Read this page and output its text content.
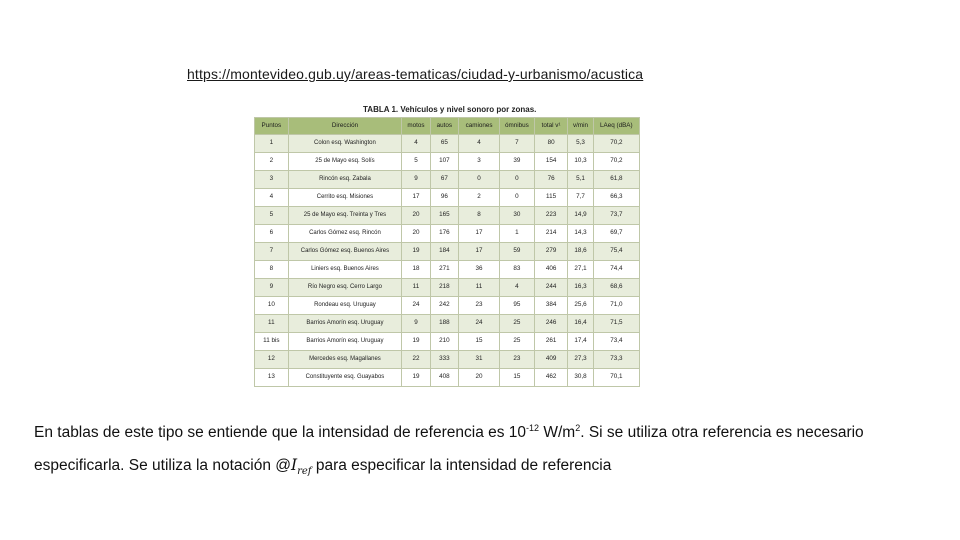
https://montevideo.gub.uy/areas-tematicas/ciudad-y-urbanismo/acustica
TABLA 1. Vehículos y nivel sonoro por zonas.
Puntos	Dirección	motos	autos	camiones	ómnibus	total v¹	v/min	LAeq (dBA)
1	Colon esq. Washington	4	65	4	7	80	5,3	70,2
2	25 de Mayo esq. Solís	5	107	3	39	154	10,3	70,2
3	Rincón esq. Zabala	9	67	0	0	76	5,1	61,8
4	Cerrito esq. Misiones	17	96	2	0	115	7,7	66,3
5	25 de Mayo esq. Treinta y Tres	20	165	8	30	223	14,9	73,7
6	Carlos Gómez esq. Rincón	20	176	17	1	214	14,3	69,7
7	Carlos Gómez esq. Buenos Aires	19	184	17	59	279	18,6	75,4
8	Liniers esq. Buenos Aires	18	271	36	83	406	27,1	74,4
9	Río Negro esq. Cerro Largo	11	218	11	4	244	16,3	68,6
10	Rondeau esq. Uruguay	24	242	23	95	384	25,6	71,0
11	Barrios Amorín esq. Uruguay	9	188	24	25	246	16,4	71,5
11 bis	Barrios Amorín esq. Uruguay	19	210	15	25	261	17,4	73,4
12	Mercedes esq. Magallanes	22	333	31	23	409	27,3	73,3
13	Constituyente esq. Guayabos	19	408	20	15	462	30,8	70,1
En tablas de este tipo se entiende que la intensidad de referencia es $10^{-12}$ $W/m^2$. Si se utiliza otra referencia es necesario
especificarla. Se utiliza la notación $@I_{ref}$ para especificar la intensidad de referencia
